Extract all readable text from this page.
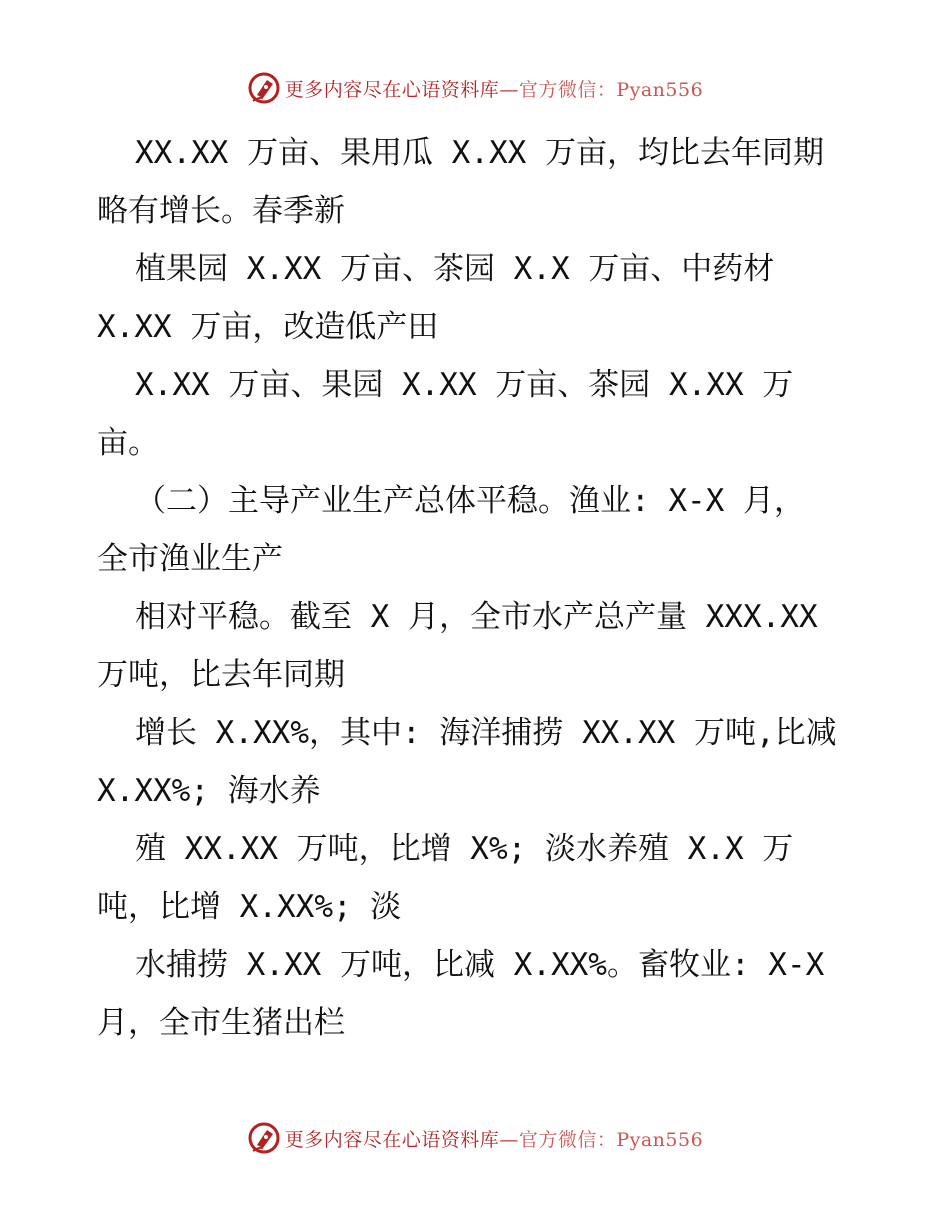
更多内容尽在心语资料库—官方微信：Pyan556
XX.XX 万亩、果用瓜 X.XX 万亩，均比去年同期
略有增长。春季新
植果园 X.XX 万亩、茶园 X.X 万亩、中药材
X.XX 万亩，改造低产田
X.XX 万亩、果园 X.XX 万亩、茶园 X.XX 万
亩。
（二）主导产业生产总体平稳。渔业: X-X 月，
全市渔业生产
相对平稳。截至 X 月，全市水产总产量 XXX.XX
万吨，比去年同期
增长 X.XX%，其中: 海洋捕捞 XX.XX 万吨,比减
X.XX%; 海水养
殖 XX.XX 万吨，比增 X%; 淡水养殖 X.X 万
吨，比增 X.XX%; 淡
水捕捞 X.XX 万吨，比减 X.XX%。畜牧业: X-X
月，全市生猪出栏
更多内容尽在心语资料库—官方微信：Pyan556
